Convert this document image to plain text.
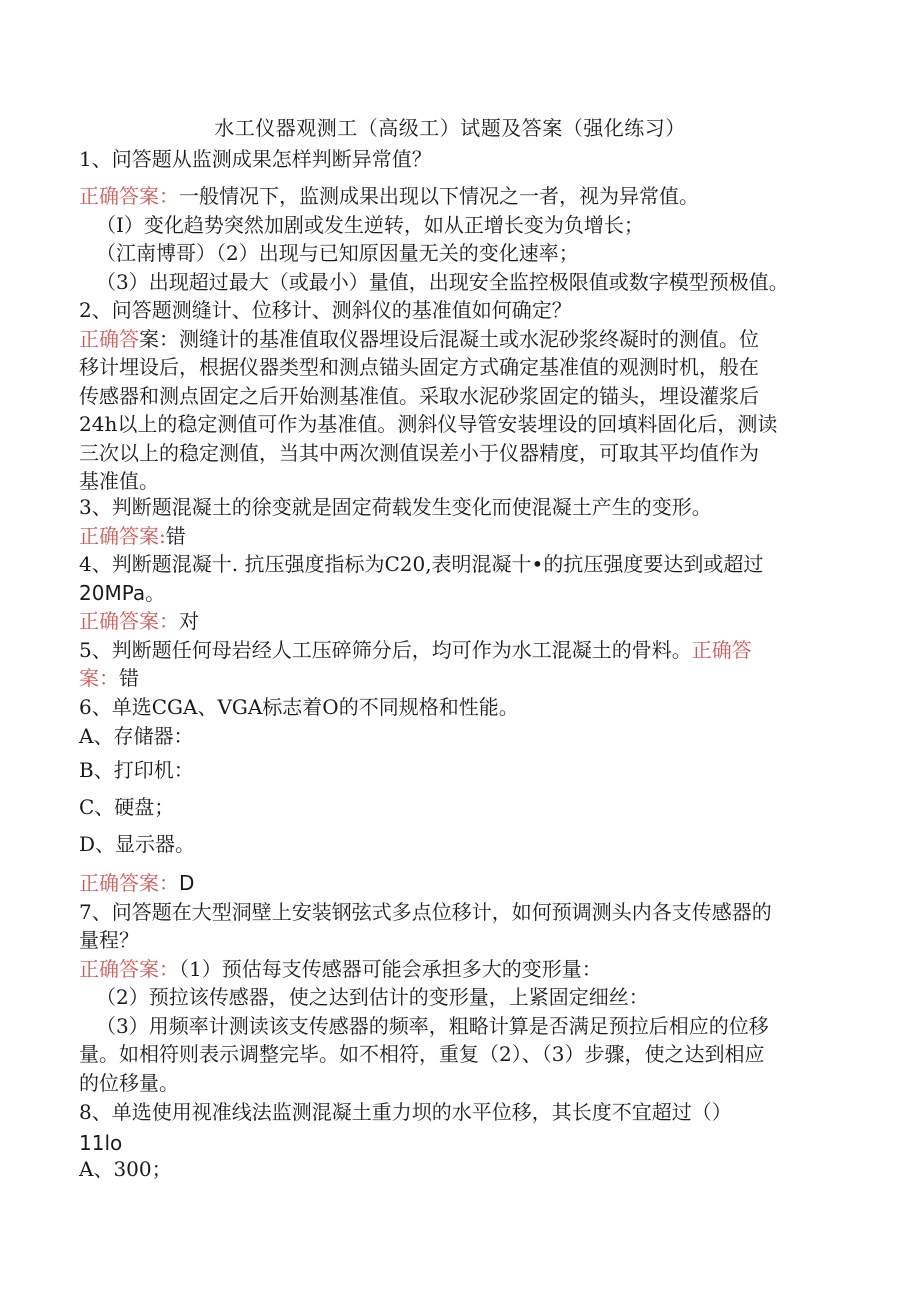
水工仪器观测工（高级工）试题及答案（强化练习）
1、问答题从监测成果怎样判断异常值？
正确答案：一般情况下，监测成果出现以下情况之一者，视为异常值。
（I）变化趋势突然加剧或发生逆转，如从正增长变为负增长；
（江南博哥）（2）出现与已知原因量无关的变化速率；
（3）出现超过最大（或最小）量值，出现安全监控极限值或数字模型预极值。
2、问答题测缝计、位移计、测斜仪的基准值如何确定？
正确答案：测缝计的基准值取仪器埋设后混凝土或水泥砂浆终凝时的测值。位
移计埋设后，根据仪器类型和测点锚头固定方式确定基准值的观测时机，般在
传感器和测点固定之后开始测基准值。采取水泥砂浆固定的锚头，埋设灌浆后
24h以上的稳定测值可作为基准值。测斜仪导管安装埋设的回填料固化后，测读
三次以上的稳定测值，当其中两次测值误差小于仪器精度，可取其平均值作为
基准值。
3、判断题混凝土的徐变就是固定荷载发生变化而使混凝土产生的变形。
正确答案:错
4、判断题混凝十. 抗压强度指标为C20,表明混凝十•的抗压强度要达到或超过
20MPa。
正确答案：对
5、判断题任何母岩经人工压碎筛分后，均可作为水工混凝土的骨料。正确答
案：错
6、单选CGA、VGA标志着O的不同规格和性能。
A、存储器：
B、打印机：
C、硬盘；
D、显示器。
正确答案：D
7、问答题在大型洞壁上安装钢弦式多点位移计，如何预调测头内各支传感器的
量程？
正确答案：（1）预估每支传感器可能会承担多大的变形量：
（2）预拉该传感器，使之达到估计的变形量，上紧固定细丝：
（3）用频率计测读该支传感器的频率，粗略计算是否满足预拉后相应的位移
量。如相符则表示调整完毕。如不相符，重复（2）、（3）步骤，使之达到相应
的位移量。
8、单选使用视准线法监测混凝土重力坝的水平位移，其长度不宜超过（）
11lo
A、300；
